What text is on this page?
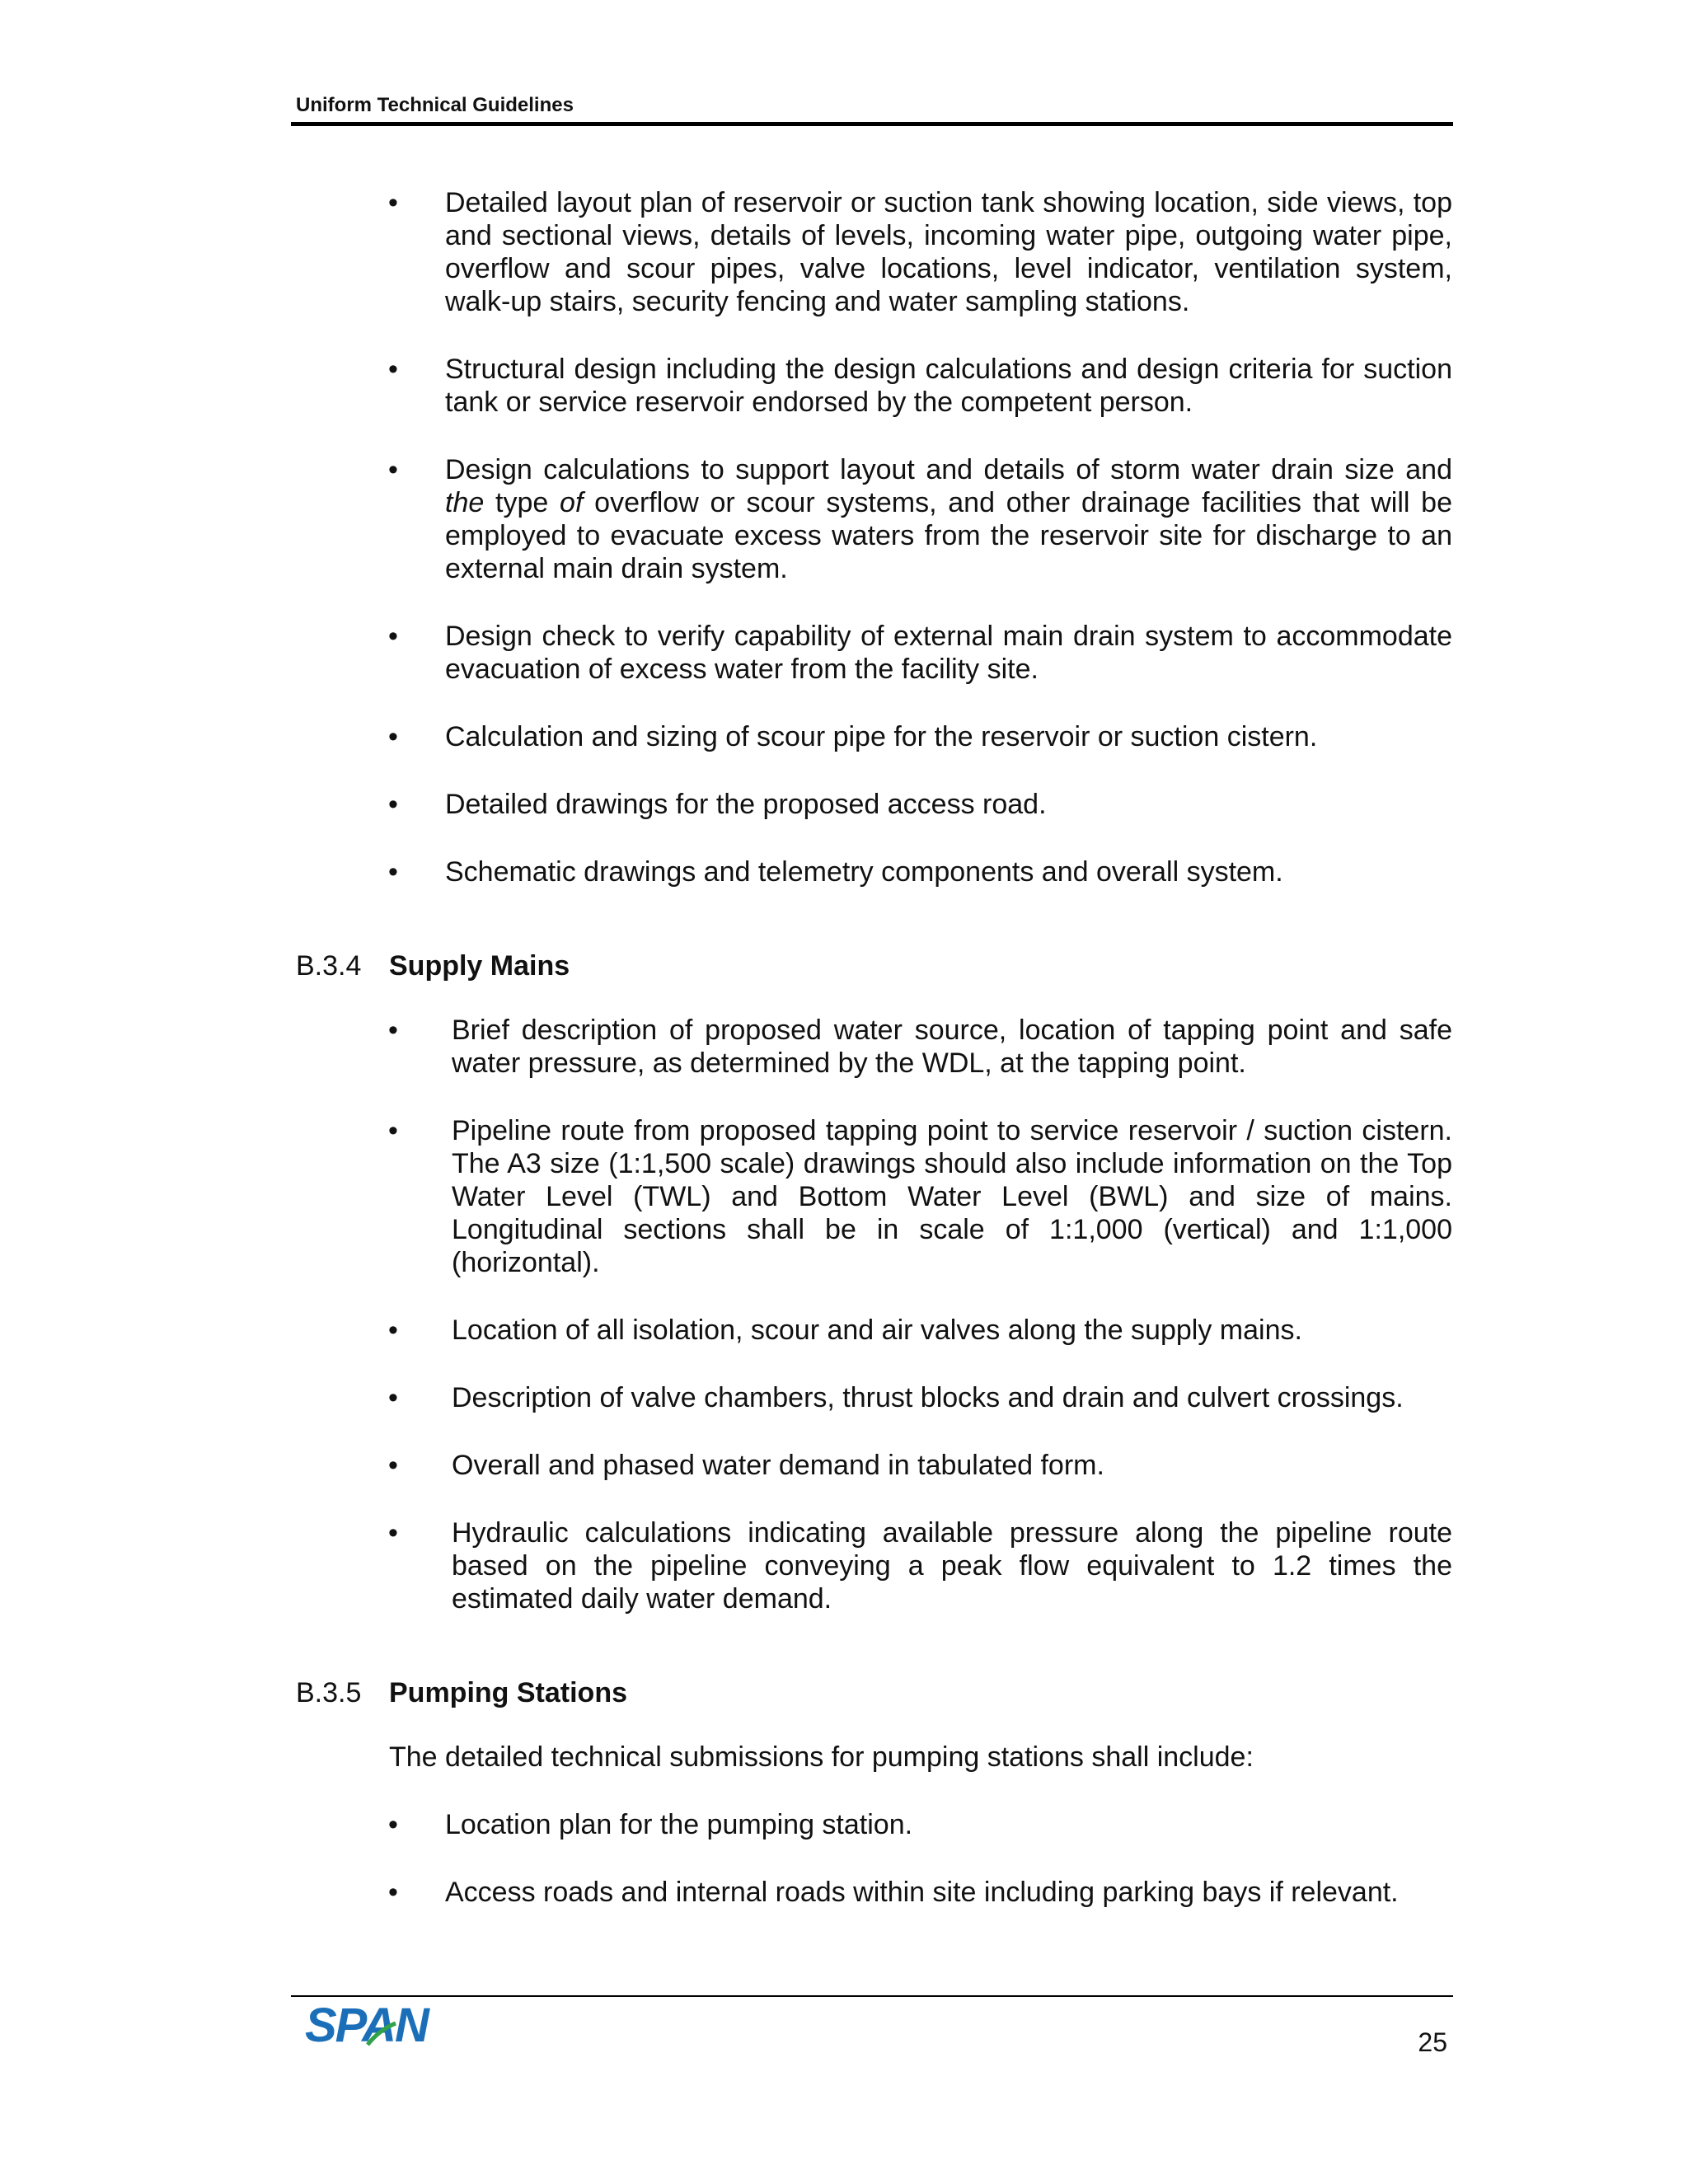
Uniform Technical Guidelines
• Detailed layout plan of reservoir or suction tank showing location, side views, top and sectional views, details of levels, incoming water pipe, outgoing water pipe, overflow and scour pipes, valve locations, level indicator, ventilation system, walk-up stairs, security fencing and water sampling stations.
• Structural design including the design calculations and design criteria for suction tank or service reservoir endorsed by the competent person.
• Design calculations to support layout and details of storm water drain size and the type of overflow or scour systems, and other drainage facilities that will be employed to evacuate excess waters from the reservoir site for discharge to an external main drain system.
• Design check to verify capability of external main drain system to accommodate evacuation of excess water from the facility site.
• Calculation and sizing of scour pipe for the reservoir or suction cistern.
• Detailed drawings for the proposed access road.
• Schematic drawings and telemetry components and overall system.
B.3.4 Supply Mains
• Brief description of proposed water source, location of tapping point and safe water pressure, as determined by the WDL, at the tapping point.
• Pipeline route from proposed tapping point to service reservoir / suction cistern. The A3 size (1:1,500 scale) drawings should also include information on the Top Water Level (TWL) and Bottom Water Level (BWL) and size of mains. Longitudinal sections shall be in scale of 1:1,000 (vertical) and 1:1,000 (horizontal).
• Location of all isolation, scour and air valves along the supply mains.
• Description of valve chambers, thrust blocks and drain and culvert crossings.
• Overall and phased water demand in tabulated form.
• Hydraulic calculations indicating available pressure along the pipeline route based on the pipeline conveying a peak flow equivalent to 1.2 times the estimated daily water demand.
B.3.5 Pumping Stations

The detailed technical submissions for pumping stations shall include:

• Location plan for the pumping station.
• Access roads and internal roads within site including parking bays if relevant.
SPAN	25
